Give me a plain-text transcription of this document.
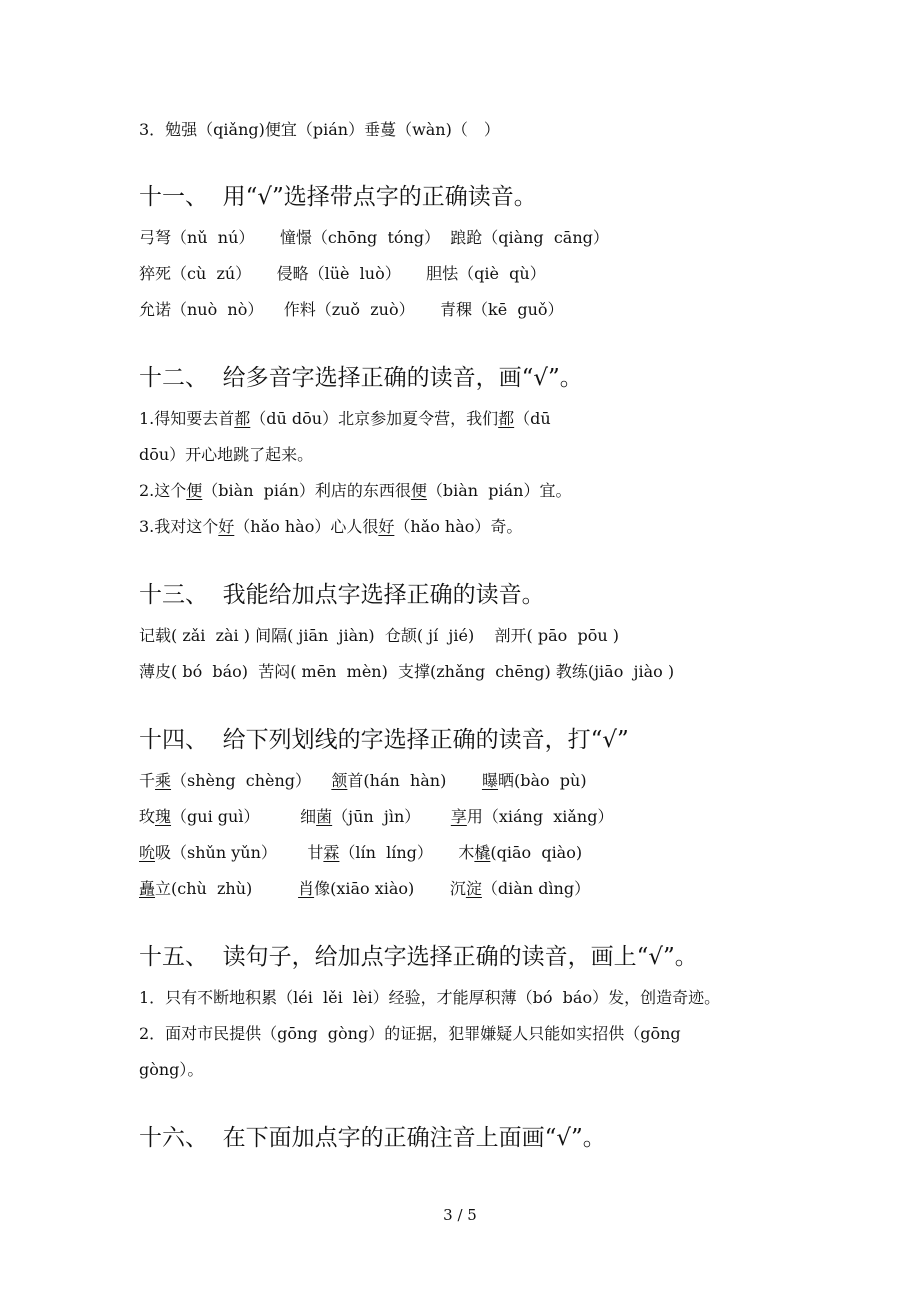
3．勉强（qiǎng)便宜（pián）垂蔓（wàn)（　）
十一、  用“√”选择带点字的正确读音。
弓弩（nǔ  nú）     憧憬（chōng  tóng）  踉跄（qiàng  cāng）
猝死（cù  zú）     侵略（lüè  luò）     胆怯（qiè  qù）
允诺（nuò  nò）    作料（zuǒ  zuò）     青稞（kē  guǒ）
十二、  给多音字选择正确的读音，画“√”。
1.得知要去首都（dū dōu）北京参加夏令营，我们都（dū
dōu）开心地跳了起来。
2.这个便（biàn  pián）利店的东西很便（biàn  pián）宜。
3.我对这个好（hǎo hào）心人很好（hǎo hào）奇。
十三、  我能给加点字选择正确的读音。
记载( zǎi  zài ) 间隔( jiān  jiàn)  仓颉( jí  jié)    剖开( pāo  pōu )
薄皮( bó  báo)  苦闷( mēn  mèn)  支撑(zhǎng  chēng) 教练(jiāo  jiào )
十四、  给下列划线的字选择正确的读音，打“√”
千乘（shèng  chèng）    颔首(hán  hàn)       曝晒(bào  pù)
玫瑰（gui guì）        细菌（jūn  jìn）      享用（xiáng  xiǎng）
吮吸（shǔn yǔn）      甘霖（lín  líng）     木橇(qiāo  qiào)
矗立(chù  zhù)         肖像(xiāo xiào)       沉淀（diàn dìng）
十五、  读句子，给加点字选择正确的读音，画上“√”。
1．只有不断地积累（léi  lěi  lèi）经验，才能厚积薄（bó  báo）发，创造奇迹。
2．面对市民提供（gōng  gòng）的证据，犯罪嫌疑人只能如实招供（gōng
gòng）。
十六、  在下面加点字的正确注音上面画“√”。
3 / 5
